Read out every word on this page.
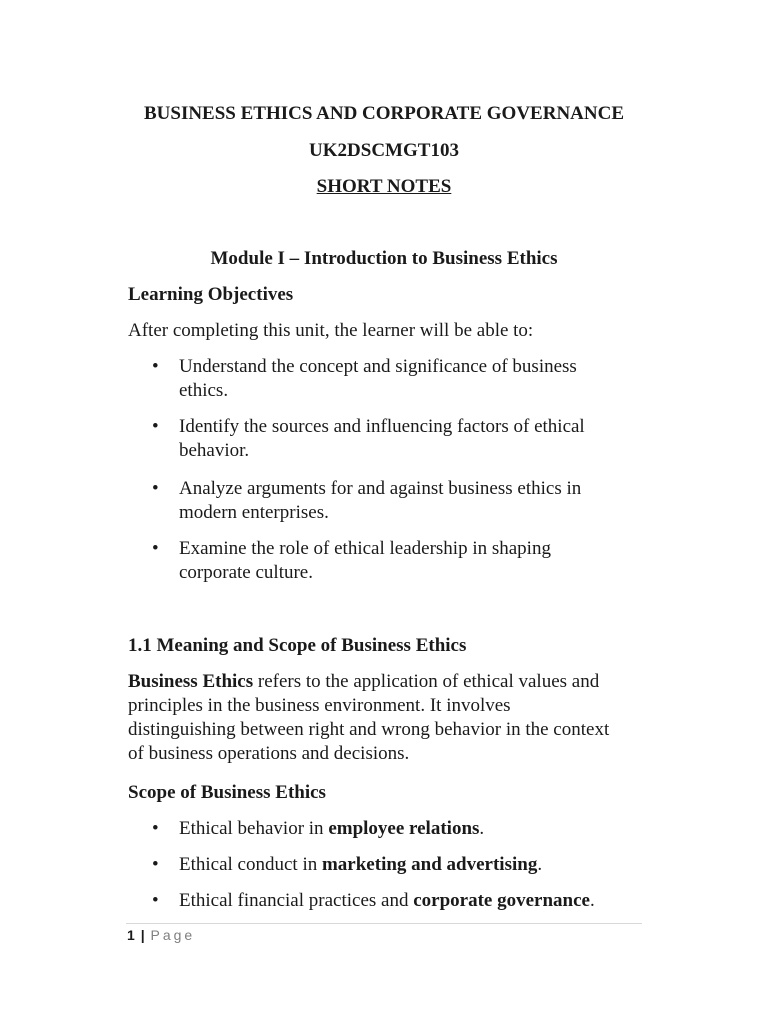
BUSINESS ETHICS AND CORPORATE GOVERNANCE
UK2DSCMGT103
SHORT NOTES
Module I – Introduction to Business Ethics
Learning Objectives
After completing this unit, the learner will be able to:
• Understand the concept and significance of business
ethics.
• Identify the sources and influencing factors of ethical
behavior.
• Analyze arguments for and against business ethics in
modern enterprises.
• Examine the role of ethical leadership in shaping
corporate culture.
1.1 Meaning and Scope of Business Ethics
Business Ethics refers to the application of ethical values and
principles in the business environment. It involves
distinguishing between right and wrong behavior in the context
of business operations and decisions.
Scope of Business Ethics
• Ethical behavior in employee relations.
• Ethical conduct in marketing and advertising.
• Ethical financial practices and corporate governance.
1 | Page
